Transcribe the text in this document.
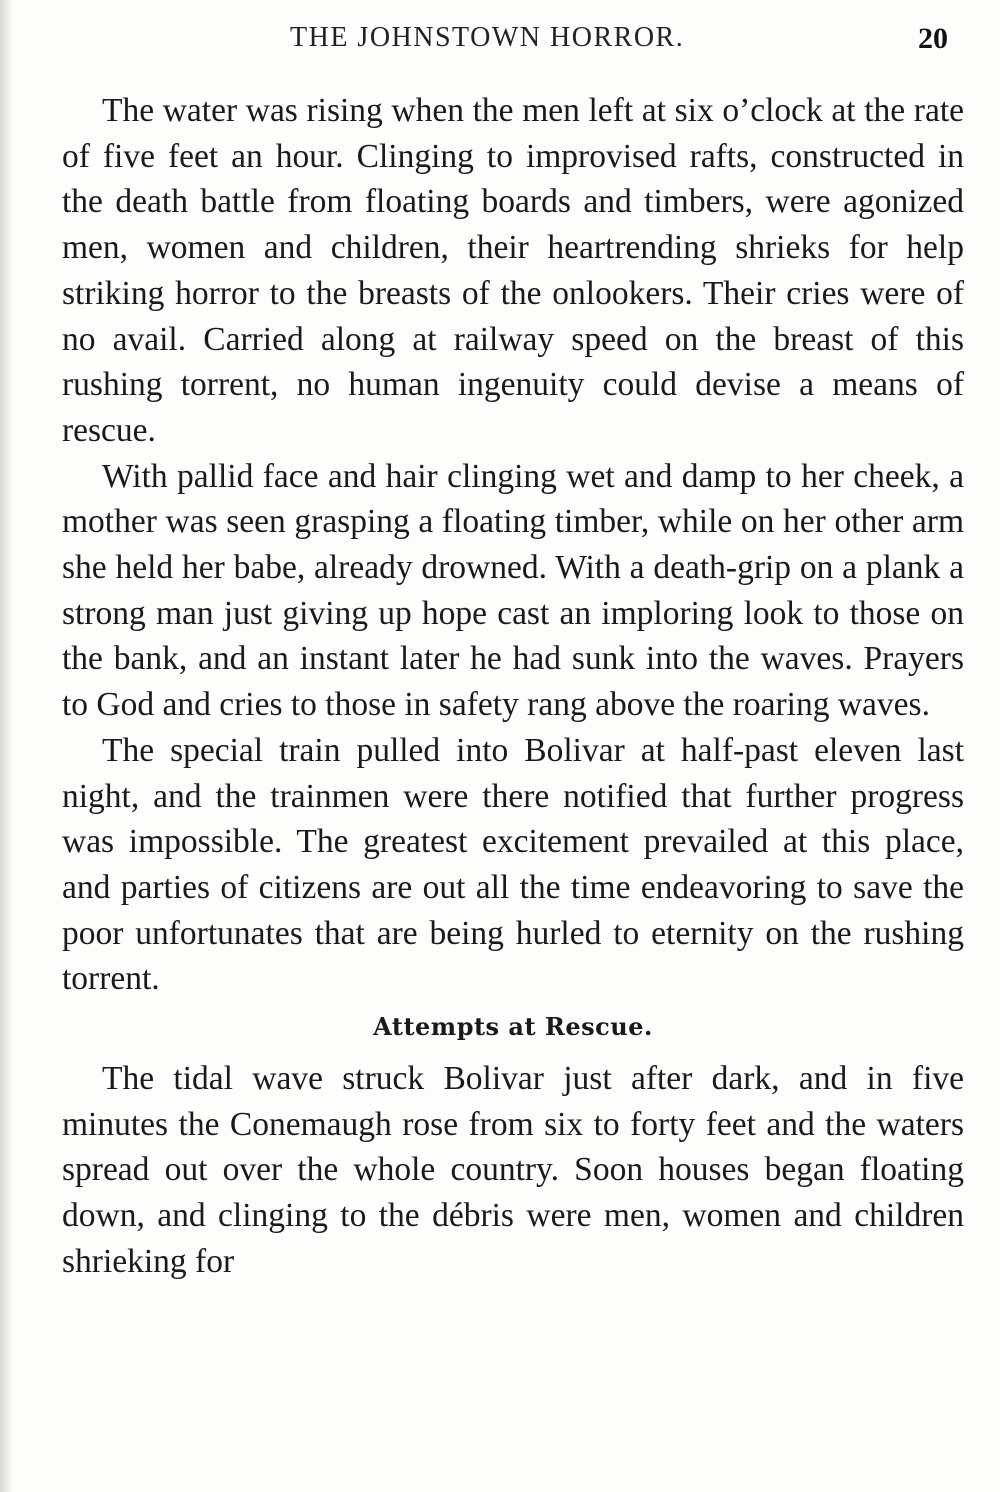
THE JOHNSTOWN HORROR.	20

The water was rising when the men left at six o’clock at the rate of five feet an hour. Clinging to improvised rafts, constructed in the death battle from floating boards and timbers, were agonized men, women and children, their heartrending shrieks for help striking horror to the breasts of the onlookers. Their cries were of no avail. Carried along at railway speed on the breast of this rushing torrent, no human ingenuity could devise a means of rescue.

With pallid face and hair clinging wet and damp to her cheek, a mother was seen grasping a floating timber, while on her other arm she held her babe, already drowned. With a death-grip on a plank a strong man just giving up hope cast an imploring look to those on the bank, and an instant later he had sunk into the waves. Prayers to God and cries to those in safety rang above the roaring waves.

The special train pulled into Bolivar at half-past eleven last night, and the trainmen were there notified that further progress was impossible. The greatest excitement prevailed at this place, and parties of citizens are out all the time endeavoring to save the poor unfortunates that are being hurled to eternity on the rushing torrent.

Attempts at Rescue.

The tidal wave struck Bolivar just after dark, and in five minutes the Conemaugh rose from six to forty feet and the waters spread out over the whole country. Soon houses began floating down, and clinging to the débris were men, women and children shrieking for
